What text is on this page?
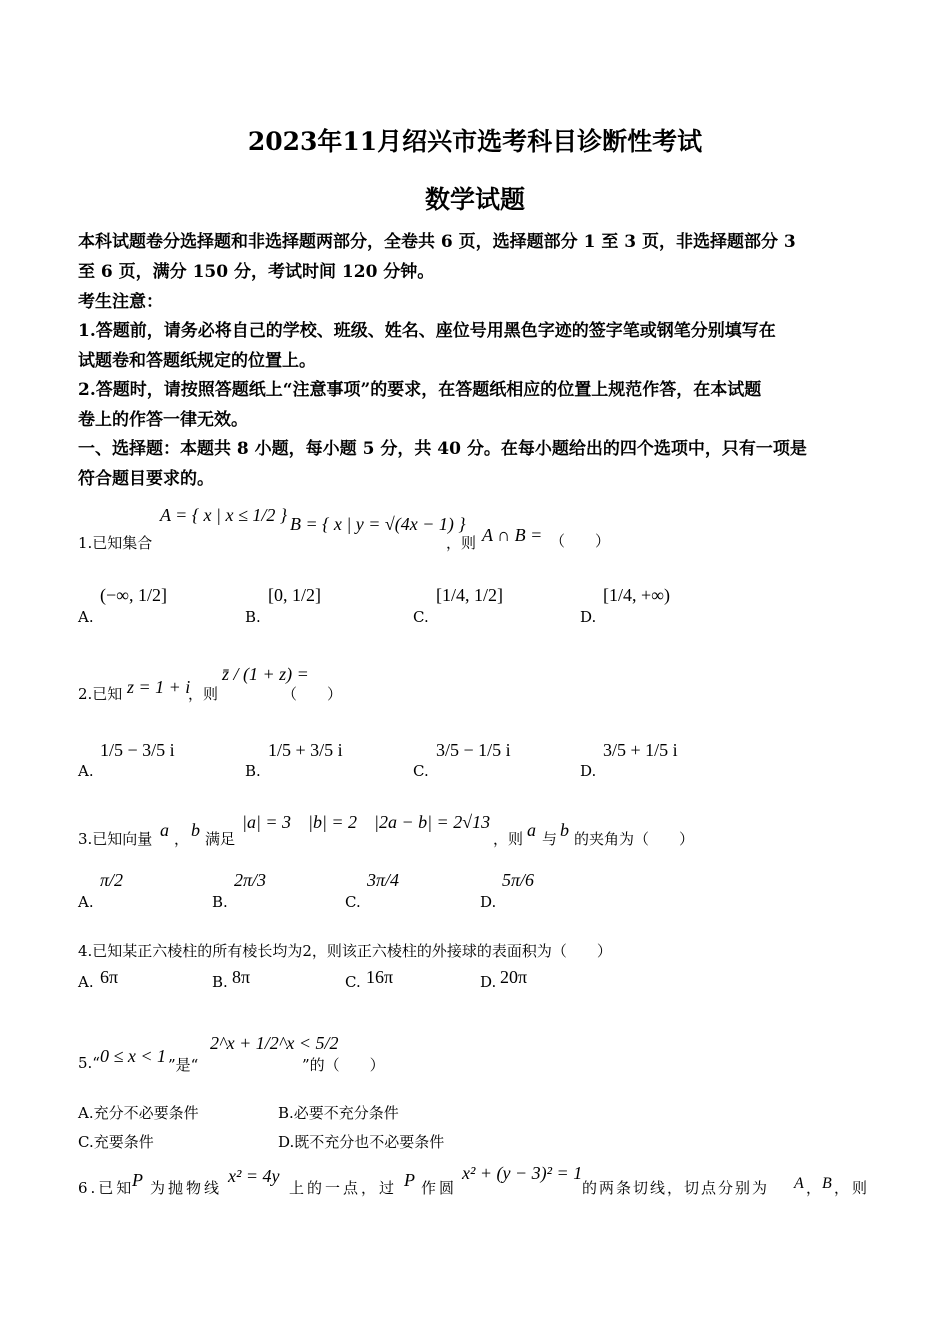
2023年11月绍兴市选考科目诊断性考试
数学试题
本科试题卷分选择题和非选择题两部分，全卷共 6 页，选择题部分 1 至 3 页，非选择题部分 3
至 6 页，满分 150 分，考试时间 120 分钟。
考生注意：
1.答题前，请务必将自己的学校、班级、姓名、座位号用黑色字迹的签字笔或钢笔分别填写在
试题卷和答题纸规定的位置上。
2.答题时，请按照答题纸上“注意事项”的要求，在答题纸相应的位置上规范作答，在本试题
卷上的作答一律无效。
一、选择题：本题共 8 小题，每小题 5 分，共 40 分。在每小题给出的四个选项中，只有一项是
符合题目要求的。
1.已知集合
A = { x | x ≤ 1/2 } B = { x | y = √(4x − 1) }
，则 A ∩ B = （　　）
A.
(−∞, 1/2]
B.
[0, 1/2]
C.
[1/4, 1/2]
D.
[1/4, +∞)
2.已知 z = 1 + i
，则
z̄ / (1 + z) =
（　　）
A.
1/5 − 3/5 i
B.
1/5 + 3/5 i
C.
3/5 − 1/5 i
D.
3/5 + 1/5 i
3.已知向量 a ， b 满足
|a| = 3 |b| = 2 |2a − b| = 2√13
，则 a 与 b 的夹角为（　　）
A.
π/2
B.
2π/3
C.
3π/4
D.
5π/6
4.已知某正六棱柱的所有棱长均为2，则该正六棱柱的外接球的表面积为（　　）
A. 6π	B. 8π	C. 16π	D. 20π
5.“ 0 ≤ x < 1 ”是“
2^x + 1/2^x < 5/2
”的（　　）
A.充分不必要条件	B.必要不充分条件
C.充要条件	D.既不充分也不必要条件
6.已知
P 为抛物线
x² = 4y
上的一点，过 P 作圆
x² + (y − 3)² = 1
的两条切线，切点分别为 A ， B ，则
